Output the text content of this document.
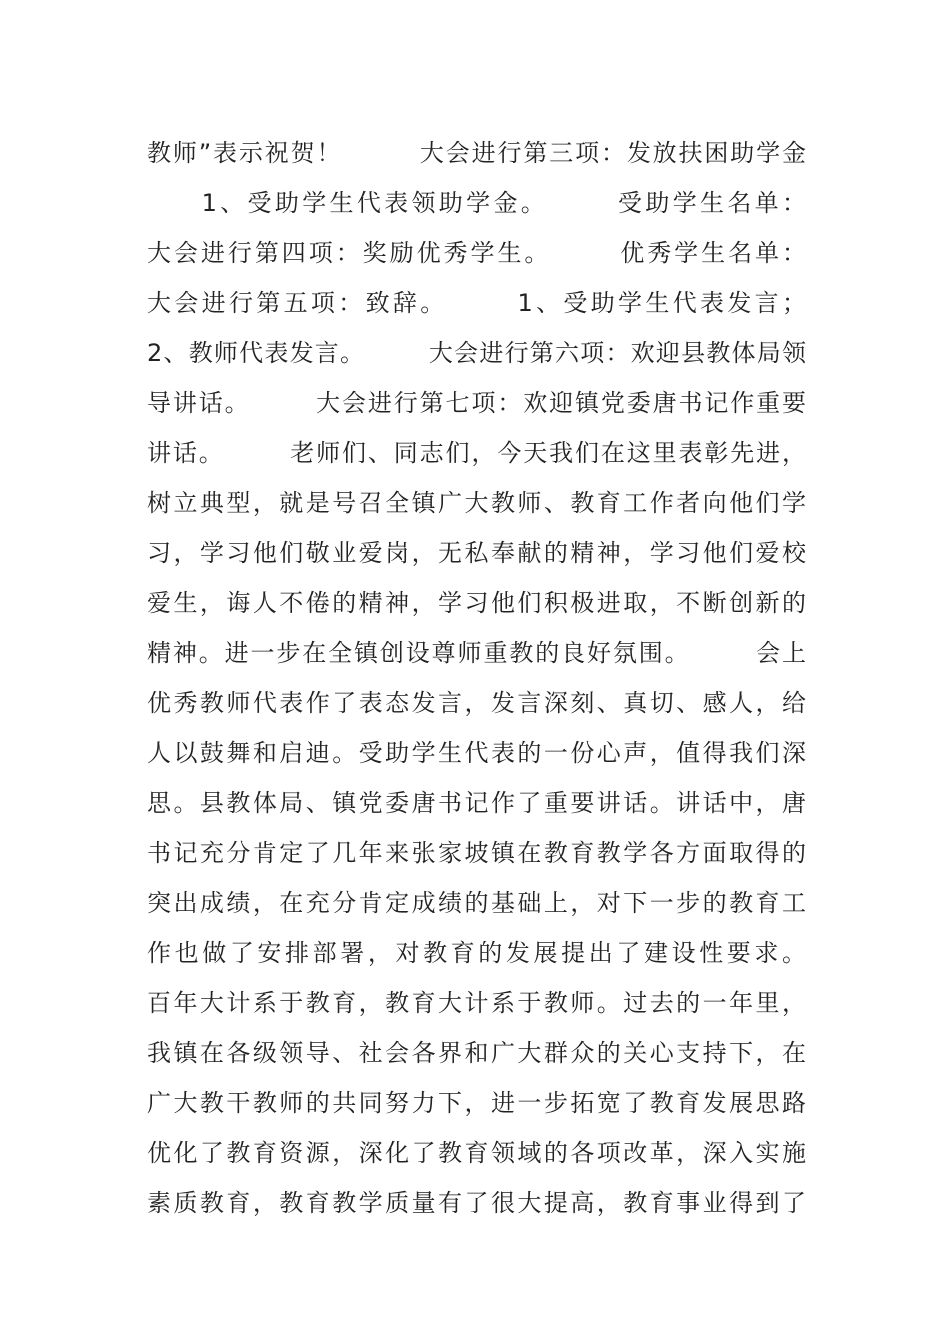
教师”表示祝贺！　　　大会进行第三项：发放扶困助学金
　　1、受助学生代表领助学金。　　　受助学生名单：
大会进行第四项：奖励优秀学生。　　　优秀学生名单：
大会进行第五项：致辞。　　　1、受助学生代表发言；
2、教师代表发言。　　　大会进行第六项：欢迎县教体局领
导讲话。　　　大会进行第七项：欢迎镇党委唐书记作重要
讲话。　　　老师们、同志们，今天我们在这里表彰先进，
树立典型，就是号召全镇广大教师、教育工作者向他们学
习，学习他们敬业爱岗，无私奉献的精神，学习他们爱校
爱生，诲人不倦的精神，学习他们积极进取，不断创新的
精神。进一步在全镇创设尊师重教的良好氛围。　　　会上
优秀教师代表作了表态发言，发言深刻、真切、感人，给
人以鼓舞和启迪。受助学生代表的一份心声，值得我们深
思。县教体局、镇党委唐书记作了重要讲话。讲话中，唐
书记充分肯定了几年来张家坡镇在教育教学各方面取得的
突出成绩，在充分肯定成绩的基础上，对下一步的教育工
作也做了安排部署，对教育的发展提出了建设性要求。
百年大计系于教育，教育大计系于教师。过去的一年里，
我镇在各级领导、社会各界和广大群众的关心支持下，在
广大教干教师的共同努力下，进一步拓宽了教育发展思路
优化了教育资源，深化了教育领域的各项改革，深入实施
素质教育，教育教学质量有了很大提高，教育事业得到了
